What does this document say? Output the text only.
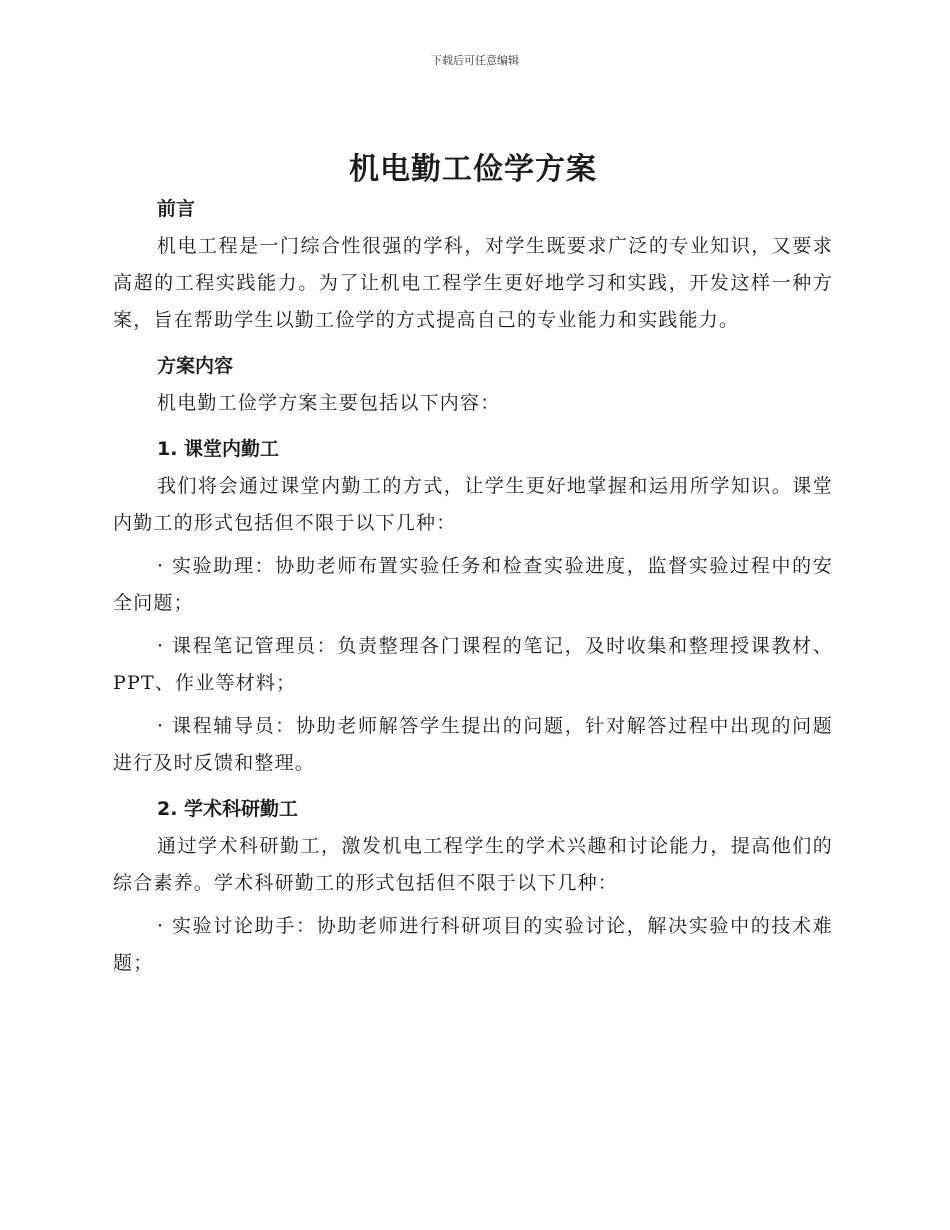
下载后可任意编辑
机电勤工俭学方案

前言

机电工程是一门综合性很强的学科，对学生既要求广泛的专业知识，又要求高超的工程实践能力。为了让机电工程学生更好地学习和实践，开发这样一种方案，旨在帮助学生以勤工俭学的方式提高自己的专业能力和实践能力。

方案内容

机电勤工俭学方案主要包括以下内容：

1. 课堂内勤工

我们将会通过课堂内勤工的方式，让学生更好地掌握和运用所学知识。课堂内勤工的形式包括但不限于以下几种：

· 实验助理：协助老师布置实验任务和检查实验进度，监督实验过程中的安全问题；

· 课程笔记管理员：负责整理各门课程的笔记，及时收集和整理授课教材、PPT、作业等材料；

· 课程辅导员：协助老师解答学生提出的问题，针对解答过程中出现的问题进行及时反馈和整理。

2. 学术科研勤工

通过学术科研勤工，激发机电工程学生的学术兴趣和讨论能力，提高他们的综合素养。学术科研勤工的形式包括但不限于以下几种：

· 实验讨论助手：协助老师进行科研项目的实验讨论，解决实验中的技术难题；
